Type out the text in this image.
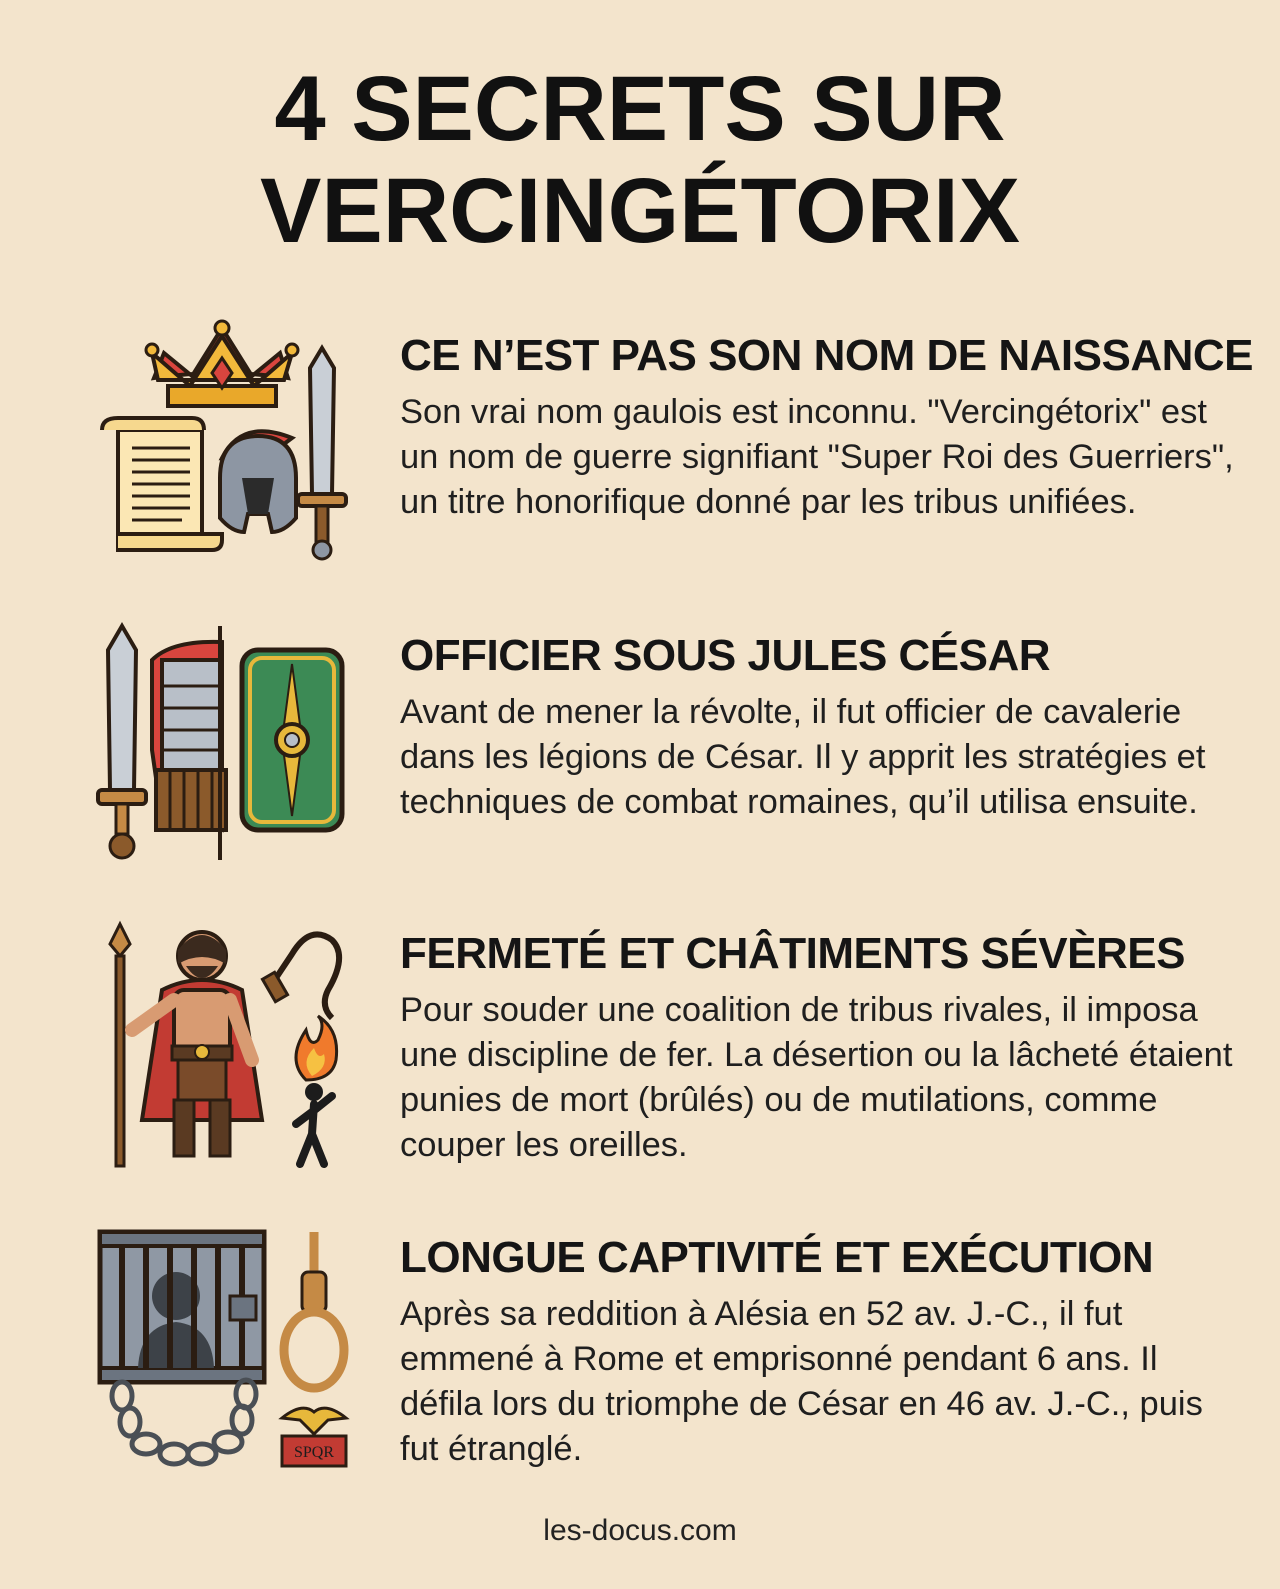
4 SECRETS SUR
VERCINGÉTORIX
CE N’EST PAS SON NOM DE NAISSANCE
Son vrai nom gaulois est inconnu. "Vercingétorix" est un nom de guerre signifiant "Super Roi des Guerriers", un titre honorifique donné par les tribus unifiées.
OFFICIER SOUS JULES CÉSAR
Avant de mener la révolte, il fut officier de cavalerie dans les légions de César. Il y apprit les stratégies et techniques de combat romaines, qu’il utilisa ensuite.
FERMETÉ ET CHÂTIMENTS SÉVÈRES
Pour souder une coalition de tribus rivales, il imposa une discipline de fer. La désertion ou la lâcheté étaient punies de mort (brûlés) ou de mutilations, comme couper les oreilles.
SPQR
LONGUE CAPTIVITÉ ET EXÉCUTION
Après sa reddition à Alésia en 52 av. J.-C., il fut emmené à Rome et emprisonné pendant 6 ans. Il défila lors du triomphe de César en 46 av. J.-C., puis fut étranglé.
les-docus.com
